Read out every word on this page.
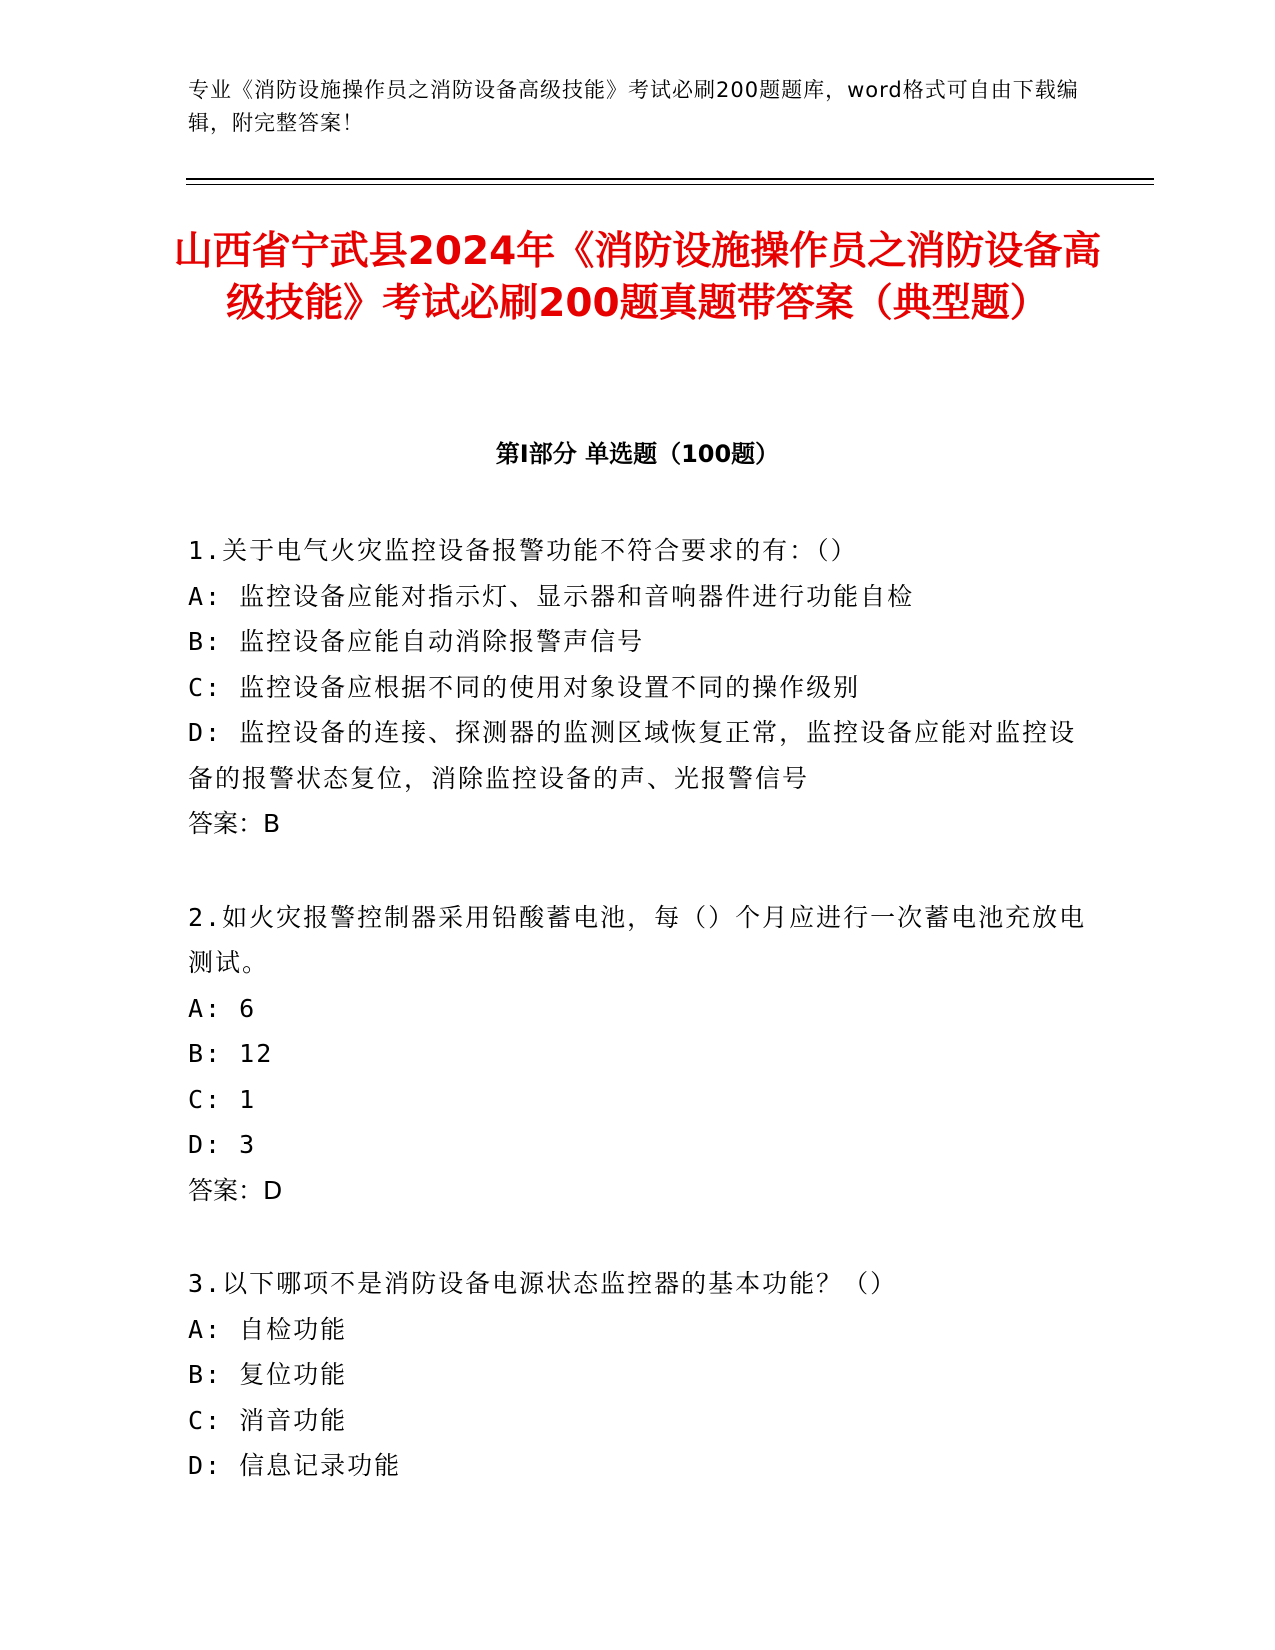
专业《消防设施操作员之消防设备高级技能》考试必刷200题题库，word格式可自由下载编辑，附完整答案！
山西省宁武县2024年《消防设施操作员之消防设备高级技能》考试必刷200题真题带答案（典型题）
第Ⅰ部分 单选题（100题）

1.关于电气火灾监控设备报警功能不符合要求的有：（）

A: 监控设备应能对指示灯、显示器和音响器件进行功能自检

B: 监控设备应能自动消除报警声信号

C: 监控设备应根据不同的使用对象设置不同的操作级别

D: 监控设备的连接、探测器的监测区域恢复正常，监控设备应能对监控设备的报警状态复位，消除监控设备的声、光报警信号

答案：B

2.如火灾报警控制器采用铅酸蓄电池，每（）个月应进行一次蓄电池充放电测试。

A: 6

B: 12

C: 1

D: 3

答案：D

3.以下哪项不是消防设备电源状态监控器的基本功能？（）

A: 自检功能

B: 复位功能

C: 消音功能

D: 信息记录功能
